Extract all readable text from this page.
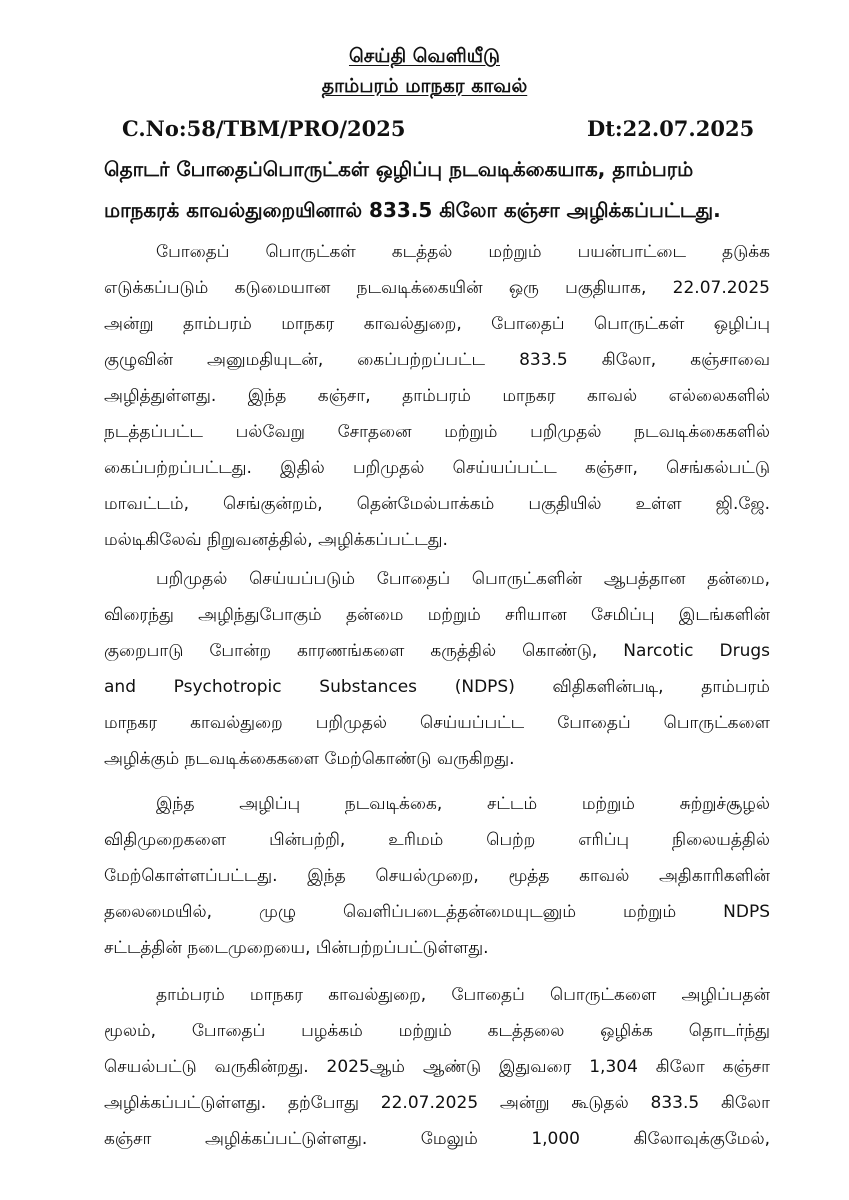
செய்தி வெளியீடு
தாம்பரம் மாநகர காவல்
C.No:58/TBM/PRO/2025	Dt:22.07.2025
தொடர் போதைப்பொருட்கள் ஒழிப்பு நடவடிக்கையாக, தாம்பரம்
மாநகரக் காவல்துறையினால் 833.5 கிலோ கஞ்சா அழிக்கப்பட்டது.
போதைப் பொருட்கள் கடத்தல் மற்றும் பயன்பாட்டை தடுக்க
எடுக்கப்படும் கடுமையான நடவடிக்கையின் ஒரு பகுதியாக, 22.07.2025
அன்று தாம்பரம் மாநகர காவல்துறை, போதைப் பொருட்கள் ஒழிப்பு
குழுவின் அனுமதியுடன், கைப்பற்றப்பட்ட 833.5 கிலோ, கஞ்சாவை
அழித்துள்ளது. இந்த கஞ்சா, தாம்பரம் மாநகர காவல் எல்லைகளில்
நடத்தப்பட்ட பல்வேறு சோதனை மற்றும் பறிமுதல் நடவடிக்கைகளில்
கைப்பற்றப்பட்டது. இதில் பறிமுதல் செய்யப்பட்ட கஞ்சா, செங்கல்பட்டு
மாவட்டம், செங்குன்றம், தென்மேல்பாக்கம் பகுதியில் உள்ள ஜி.ஜே.
மல்டிகிலேவ் நிறுவனத்தில், அழிக்கப்பட்டது.
பறிமுதல் செய்யப்படும் போதைப் பொருட்களின் ஆபத்தான தன்மை,
விரைந்து அழிந்துபோகும் தன்மை மற்றும் சரியான சேமிப்பு இடங்களின்
குறைபாடு போன்ற காரணங்களை கருத்தில் கொண்டு, Narcotic Drugs
and Psychotropic Substances (NDPS) விதிகளின்படி, தாம்பரம்
மாநகர காவல்துறை பறிமுதல் செய்யப்பட்ட போதைப் பொருட்களை
அழிக்கும் நடவடிக்கைகளை மேற்கொண்டு வருகிறது.
இந்த அழிப்பு நடவடிக்கை, சட்டம் மற்றும் சுற்றுச்சூழல்
விதிமுறைகளை பின்பற்றி, உரிமம் பெற்ற எரிப்பு நிலையத்தில்
மேற்கொள்ளப்பட்டது. இந்த செயல்முறை, மூத்த காவல் அதிகாரிகளின்
தலைமையில், முழு வெளிப்படைத்தன்மையுடனும் மற்றும் NDPS
சட்டத்தின் நடைமுறையை, பின்பற்றப்பட்டுள்ளது.
தாம்பரம் மாநகர காவல்துறை, போதைப் பொருட்களை அழிப்பதன்
மூலம், போதைப் பழக்கம் மற்றும் கடத்தலை ஒழிக்க தொடர்ந்து
செயல்பட்டு வருகின்றது. 2025ஆம் ஆண்டு இதுவரை 1,304 கிலோ கஞ்சா
அழிக்கப்பட்டுள்ளது. தற்போது 22.07.2025 அன்று கூடுதல் 833.5 கிலோ
கஞ்சா அழிக்கப்பட்டுள்ளது. மேலும் 1,000 கிலோவுக்குமேல்,
